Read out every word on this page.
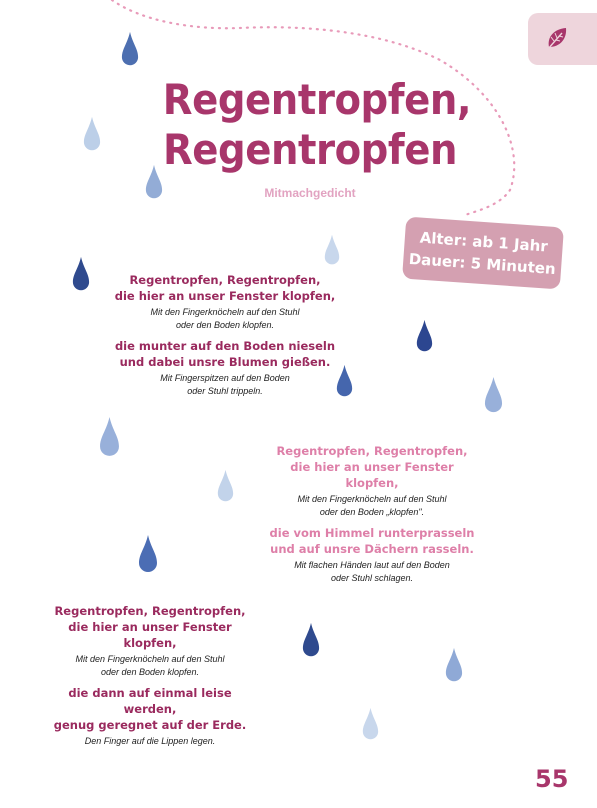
Regentropfen,
Regentropfen
Mitmachgedicht
Alter: ab 1 Jahr
Dauer: 5 Minuten
Regentropfen, Regentropfen,
die hier an unser Fenster klopfen,
Mit den Fingerknöcheln auf den Stuhl
oder den Boden klopfen.
die munter auf den Boden nieseln
und dabei unsre Blumen gießen.
Mit Fingerspitzen auf den Boden
oder Stuhl trippeln.
Regentropfen, Regentropfen,
die hier an unser Fenster klopfen,
Mit den Fingerknöcheln auf den Stuhl
oder den Boden „klopfen".
die vom Himmel runterprasseln
und auf unsre Dächern rasseln.
Mit flachen Händen laut auf den Boden
oder Stuhl schlagen.
Regentropfen, Regentropfen,
die hier an unser Fenster klopfen,
Mit den Fingerknöcheln auf den Stuhl
oder den Boden klopfen.
die dann auf einmal leise werden,
genug geregnet auf der Erde.
Den Finger auf die Lippen legen.
55
